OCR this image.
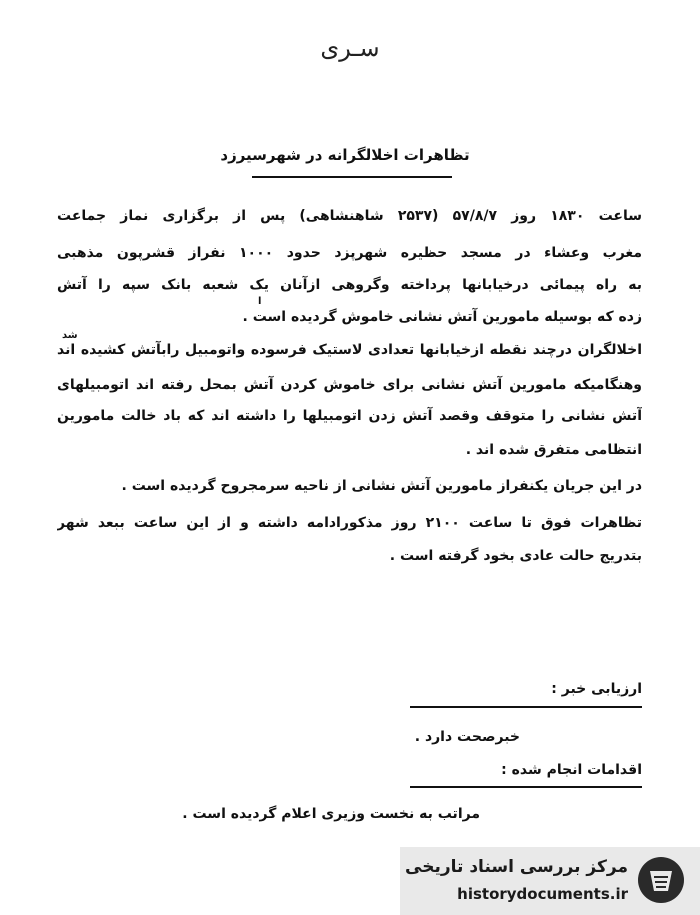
سـری
تظاهرات اخلالگرانه در شهرسیرزد
ساعت ۱۸۳۰ روز ۵۷/۸/۷ (۲۵۳۷ شاهنشاهی) پس از برگزاری نماز جماعت
مغرب وعشاء در مسجد حظیره شهرپزد حدود ۱۰۰۰ نفراز قشرپون مذهبی
به راه پیمائی درخیابانها پرداخته وگروهی ازآنان یک شعبه بانک سپه را آتش
زده که بوسیله مامورین آتش نشانی خاموش گردیده است .
ا
اخلالگران درچند نقطه ازخیابانها تعدادی لاستیک فرسوده واتومبیل رابآتش کشیده اند
شد
وهنگامیکه مامورین آتش نشانی برای خاموش کردن آتش بمحل رفته اند اتومبیلهای
آتش نشانی را متوقف وقصد آتش زدن اتومبیلها را داشته اند که باد خالت مامورین
انتظامی متفرق شده اند .
در این جریان یکنفراز مامورین آتش نشانی از ناحیه سرمجروح گردیده است .
تظاهرات فوق تا ساعت ۲۱۰۰ روز مذکورادامه داشته و از این ساعت ببعد شهر
بتدریج حالت عادی بخود گرفته است .
ارزیابی خبر :
خبرصحت دارد .
اقدامات انجام شده :
مراتب به نخست وزیری اعلام گردیده است .
مرکز بررسی اسناد تاریخی
historydocuments.ir
